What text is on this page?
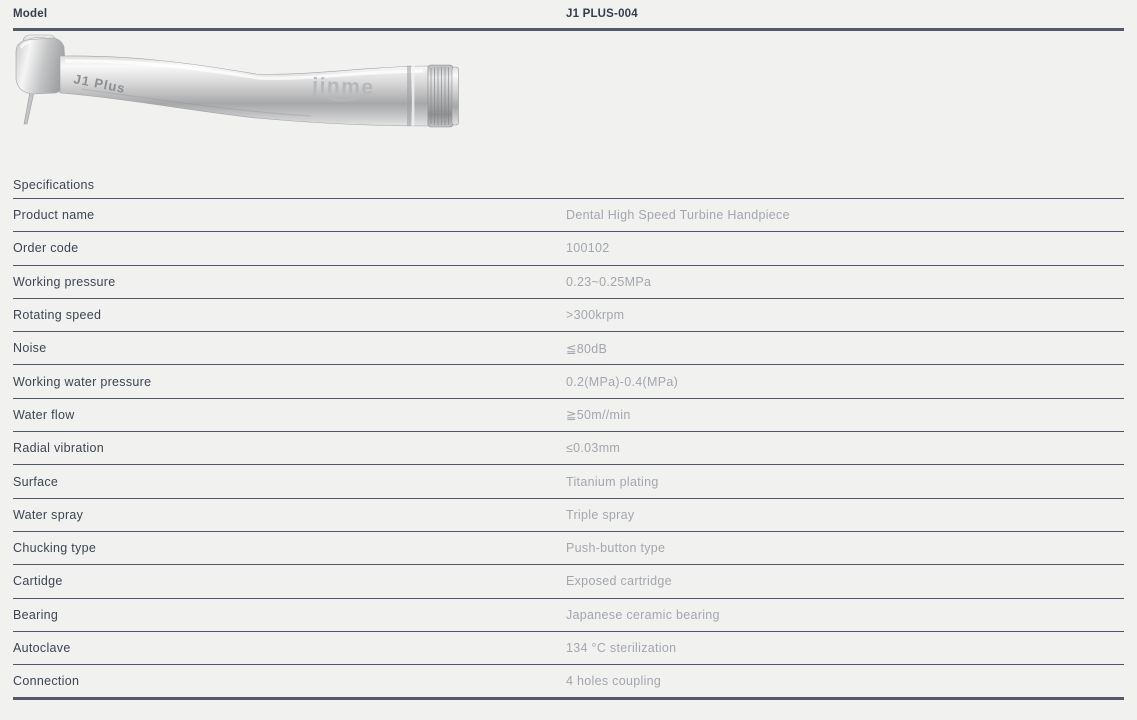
Model	J1 PLUS-004
J1 Plus	jinme
Specifications
Product name	Dental High Speed Turbine Handpiece
Order code	100102
Working pressure	0.23~0.25MPa
Rotating speed	>300krpm
Noise	≦80dB
Working water pressure	0.2(MPa)-0.4(MPa)
Water flow	≧50m//min
Radial vibration	≤0.03mm
Surface	Titanium plating
Water spray	Triple spray
Chucking type	Push-button type
Cartidge	Exposed cartridge
Bearing	Japanese ceramic bearing
Autoclave	134 °C sterilization
Connection	4 holes coupling
